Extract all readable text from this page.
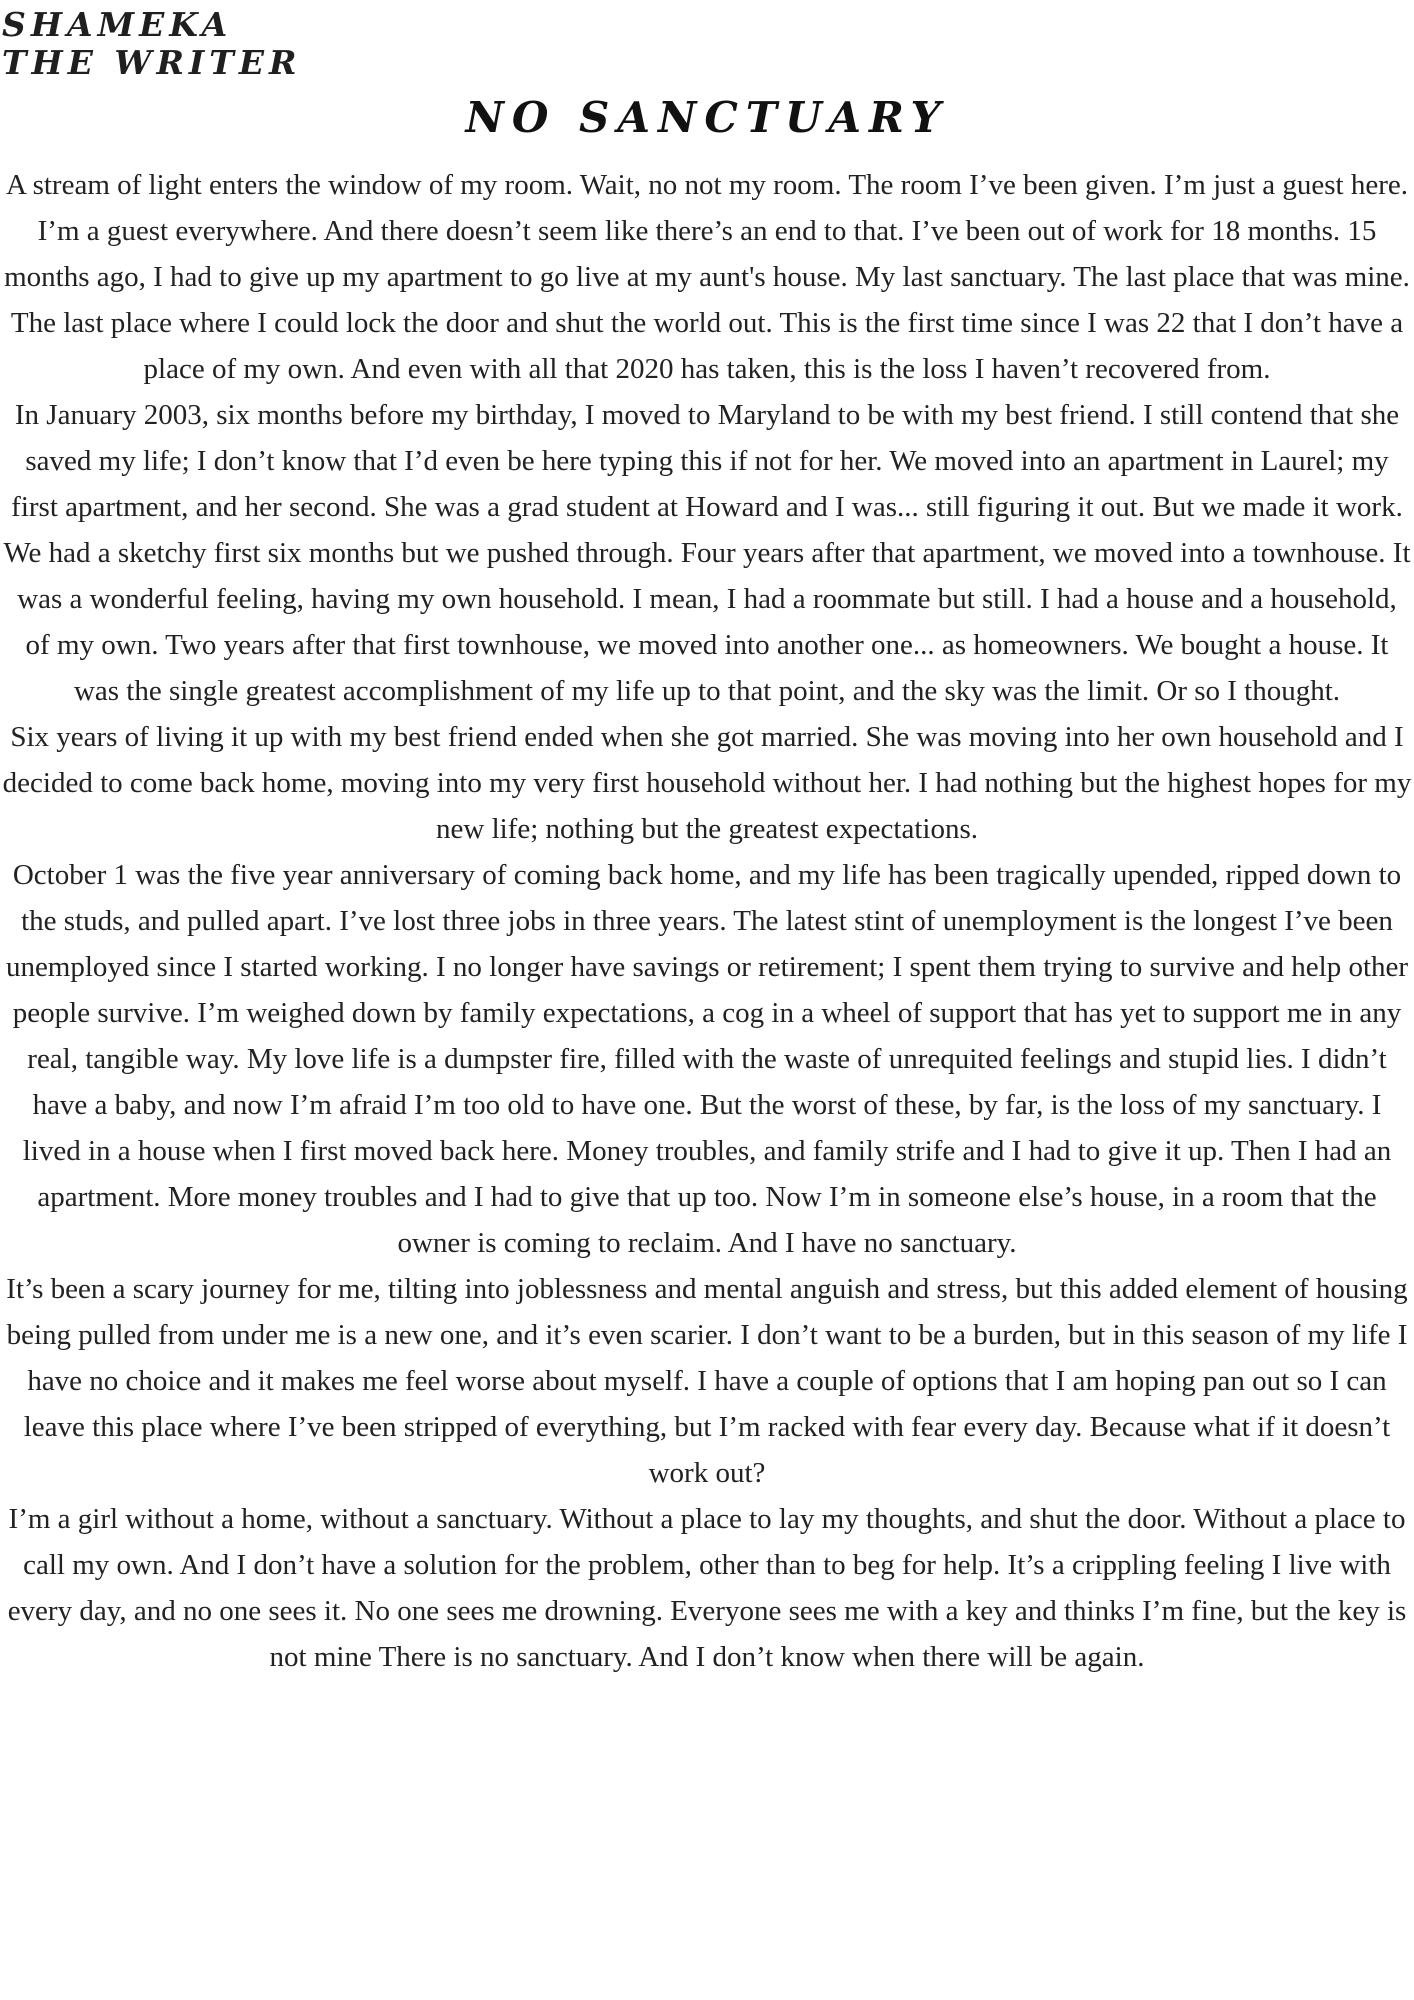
SHAMEKA THE WRITER
NO SANCTUARY

A stream of light enters the window of my room. Wait, no not my room. The room I’ve been given. I’m just a guest here. I’m a guest everywhere. And there doesn’t seem like there’s an end to that. I’ve been out of work for 18 months. 15 months ago, I had to give up my apartment to go live at my aunt's house. My last sanctuary. The last place that was mine. The last place where I could lock the door and shut the world out. This is the first time since I was 22 that I don’t have a place of my own. And even with all that 2020 has taken, this is the loss I haven’t recovered from.

In January 2003, six months before my birthday, I moved to Maryland to be with my best friend. I still contend that she saved my life; I don’t know that I’d even be here typing this if not for her. We moved into an apartment in Laurel; my first apartment, and her second. She was a grad student at Howard and I was... still figuring it out. But we made it work. We had a sketchy first six months but we pushed through. Four years after that apartment, we moved into a townhouse. It was a wonderful feeling, having my own household. I mean, I had a roommate but still. I had a house and a household, of my own. Two years after that first townhouse, we moved into another one... as homeowners. We bought a house. It was the single greatest accomplishment of my life up to that point, and the sky was the limit. Or so I thought.

Six years of living it up with my best friend ended when she got married. She was moving into her own household and I decided to come back home, moving into my very first household without her. I had nothing but the highest hopes for my new life; nothing but the greatest expectations.

October 1 was the five year anniversary of coming back home, and my life has been tragically upended, ripped down to the studs, and pulled apart. I’ve lost three jobs in three years. The latest stint of unemployment is the longest I’ve been unemployed since I started working. I no longer have savings or retirement; I spent them trying to survive and help other people survive. I’m weighed down by family expectations, a cog in a wheel of support that has yet to support me in any real, tangible way. My love life is a dumpster fire, filled with the waste of unrequited feelings and stupid lies. I didn’t have a baby, and now I’m afraid I’m too old to have one. But the worst of these, by far, is the loss of my sanctuary. I lived in a house when I first moved back here. Money troubles, and family strife and I had to give it up. Then I had an apartment. More money troubles and I had to give that up too. Now I’m in someone else’s house, in a room that the owner is coming to reclaim. And I have no sanctuary.

It’s been a scary journey for me, tilting into joblessness and mental anguish and stress, but this added element of housing being pulled from under me is a new one, and it’s even scarier. I don’t want to be a burden, but in this season of my life I have no choice and it makes me feel worse about myself. I have a couple of options that I am hoping pan out so I can leave this place where I’ve been stripped of everything, but I’m racked with fear every day. Because what if it doesn’t work out?

I’m a girl without a home, without a sanctuary. Without a place to lay my thoughts, and shut the door. Without a place to call my own. And I don’t have a solution for the problem, other than to beg for help. It’s a crippling feeling I live with every day, and no one sees it. No one sees me drowning. Everyone sees me with a key and thinks I’m fine, but the key is not mine There is no sanctuary. And I don’t know when there will be again.
